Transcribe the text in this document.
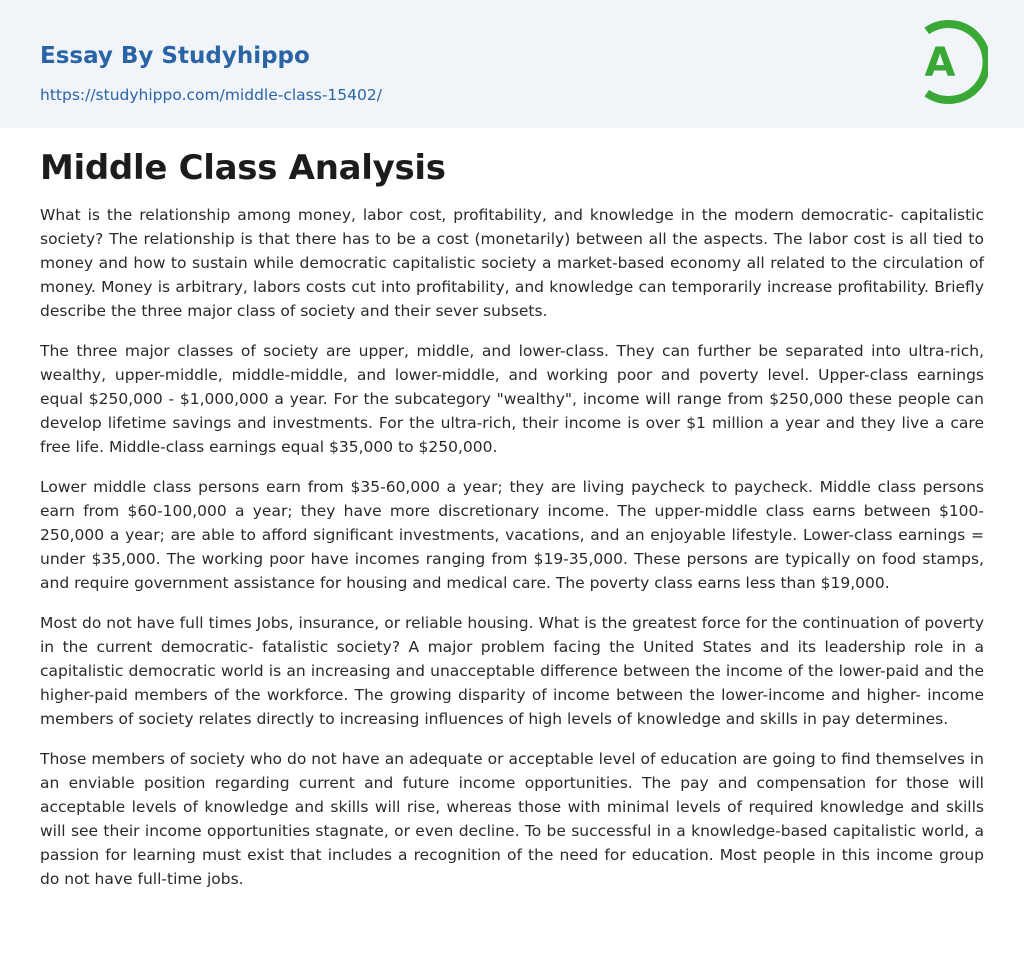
Essay By Studyhippo
https://studyhippo.com/middle-class-15402/
A
Middle Class Analysis

What is the relationship among money, labor cost, profitability, and knowledge in the modern democratic- capitalistic society? The relationship is that there has to be a cost (monetarily) between all the aspects. The labor cost is all tied to money and how to sustain while democratic capitalistic society a market-based economy all related to the circulation of money. Money is arbitrary, labors costs cut into profitability, and knowledge can temporarily increase profitability. Briefly describe the three major class of society and their sever subsets.

The three major classes of society are upper, middle, and lower-class. They can further be separated into ultra-rich, wealthy, upper-middle, middle-middle, and lower-middle, and working poor and poverty level. Upper-class earnings equal $250,000 - $1,000,000 a year. For the subcategory "wealthy", income will range from $250,000 these people can develop lifetime savings and investments. For the ultra-rich, their income is over $1 million a year and they live a care free life. Middle-class earnings equal $35,000 to $250,000.

Lower middle class persons earn from $35-60,000 a year; they are living paycheck to paycheck. Middle class persons earn from $60-100,000 a year; they have more discretionary income. The upper-middle class earns between $100-250,000 a year; are able to afford significant investments, vacations, and an enjoyable lifestyle. Lower-class earnings = under $35,000. The working poor have incomes ranging from $19-35,000. These persons are typically on food stamps, and require government assistance for housing and medical care. The poverty class earns less than $19,000.

Most do not have full times Jobs, insurance, or reliable housing. What is the greatest force for the continuation of poverty in the current democratic- fatalistic society? A major problem facing the United States and its leadership role in a capitalistic democratic world is an increasing and unacceptable difference between the income of the lower-paid and the higher-paid members of the workforce. The growing disparity of income between the lower-income and higher- income members of society relates directly to increasing influences of high levels of knowledge and skills in pay determines.

Those members of society who do not have an adequate or acceptable level of education are going to find themselves in an enviable position regarding current and future income opportunities. The pay and compensation for those will acceptable levels of knowledge and skills will rise, whereas those with minimal levels of required knowledge and skills will see their income opportunities stagnate, or even decline. To be successful in a knowledge-based capitalistic world, a passion for learning must exist that includes a recognition of the need for education. Most people in this income group do not have full-time jobs.
